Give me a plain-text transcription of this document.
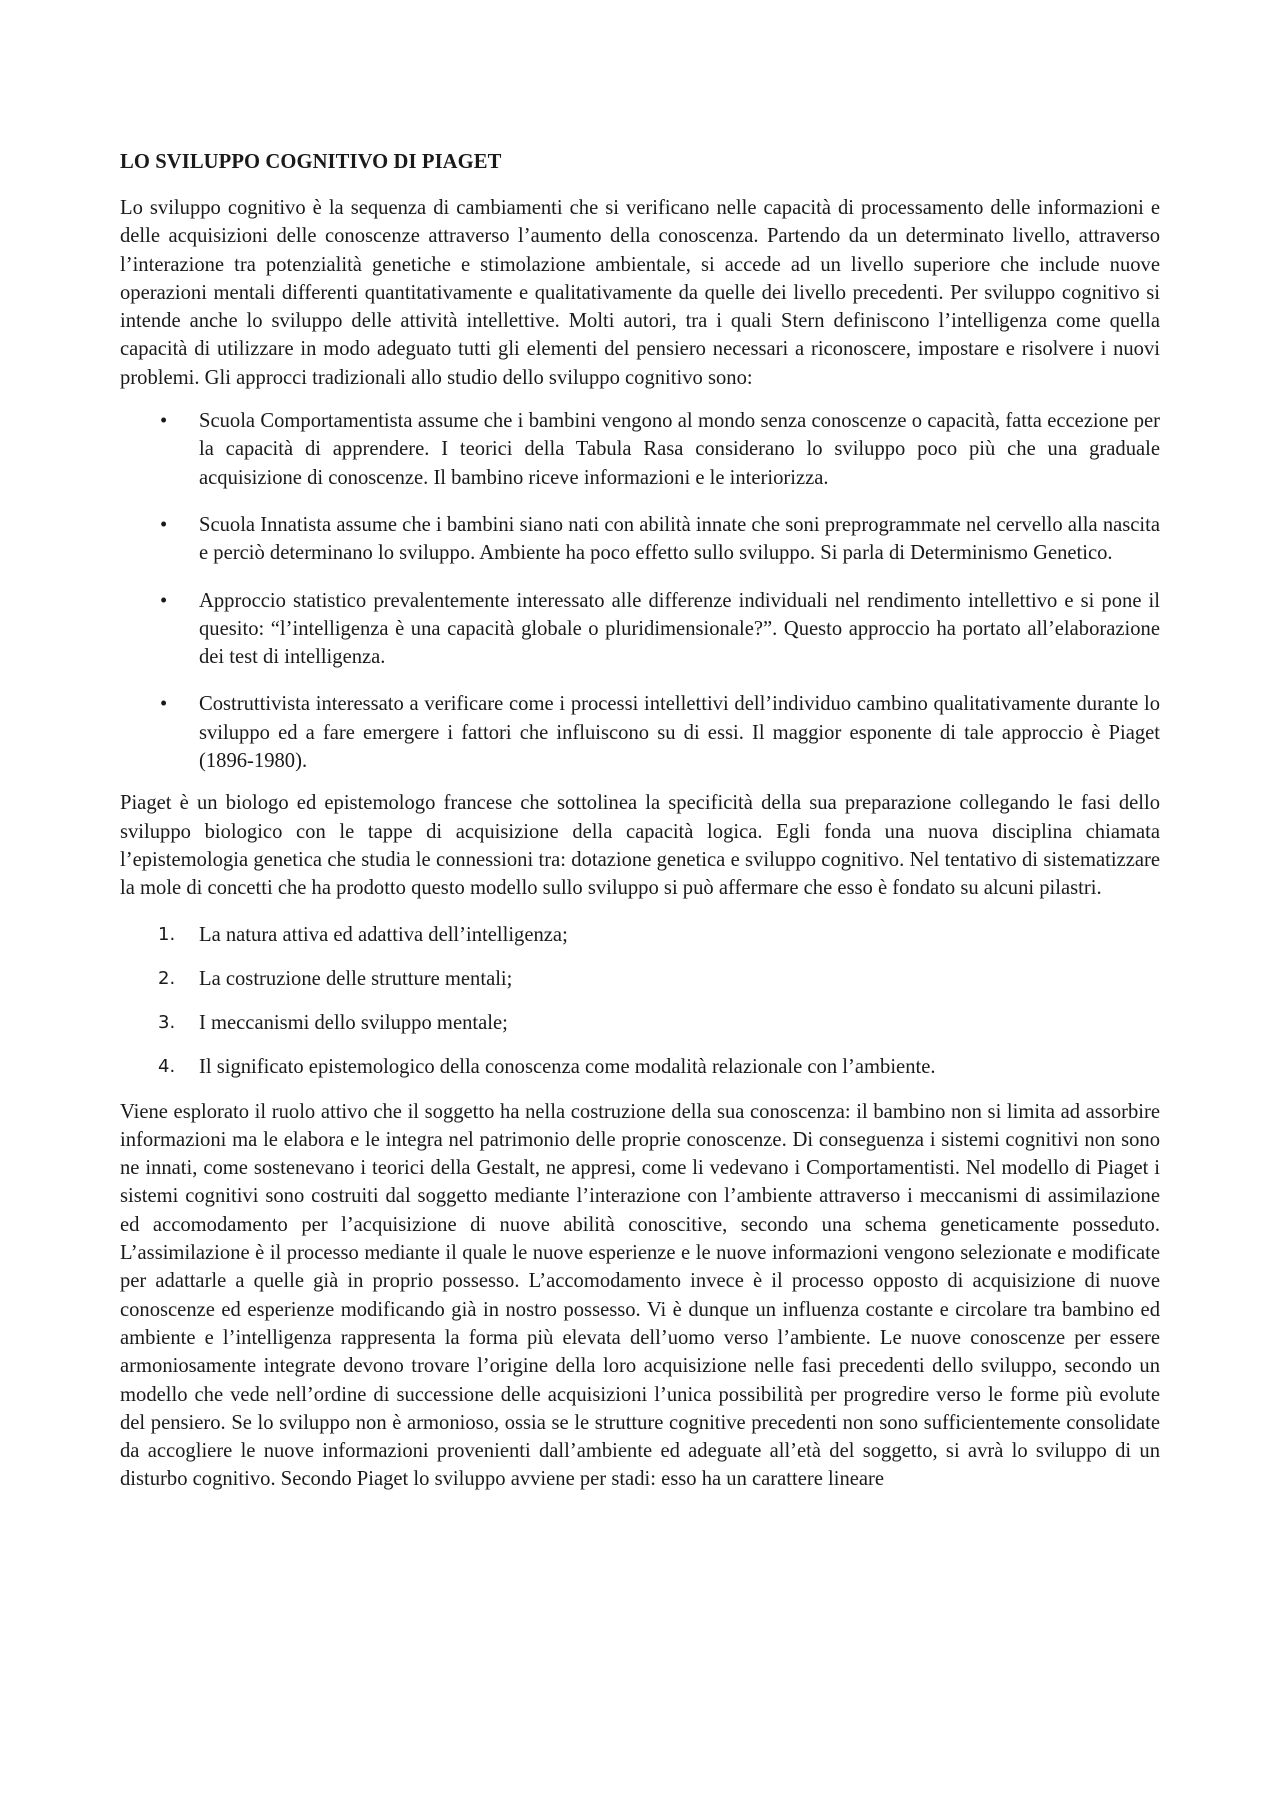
LO SVILUPPO COGNITIVO DI PIAGET

Lo sviluppo cognitivo è la sequenza di cambiamenti che si verificano nelle capacità di processamento delle informazioni e delle acquisizioni delle conoscenze attraverso l’aumento della conoscenza. Partendo da un determinato livello, attraverso l’interazione tra potenzialità genetiche e stimolazione ambientale, si accede ad un livello superiore che include nuove operazioni mentali differenti quantitativamente e qualitativamente da quelle dei livello precedenti. Per sviluppo cognitivo si intende anche lo sviluppo delle attività intellettive. Molti autori, tra i quali Stern definiscono l’intelligenza come quella capacità di utilizzare in modo adeguato tutti gli elementi del pensiero necessari a riconoscere, impostare e risolvere i nuovi problemi. Gli approcci tradizionali allo studio dello sviluppo cognitivo sono:

• Scuola Comportamentista assume che i bambini vengono al mondo senza conoscenze o capacità, fatta eccezione per la capacità di apprendere. I teorici della Tabula Rasa considerano lo sviluppo poco più che una graduale acquisizione di conoscenze. Il bambino riceve informazioni e le interiorizza.
• Scuola Innatista assume che i bambini siano nati con abilità innate che soni preprogrammate nel cervello alla nascita e perciò determinano lo sviluppo. Ambiente ha poco effetto sullo sviluppo. Si parla di Determinismo Genetico.
• Approccio statistico prevalentemente interessato alle differenze individuali nel rendimento intellettivo e si pone il quesito: “l’intelligenza è una capacità globale o pluridimensionale?”. Questo approccio ha portato all’elaborazione dei test di intelligenza.
• Costruttivista interessato a verificare come i processi intellettivi dell’individuo cambino qualitativamente durante lo sviluppo ed a fare emergere i fattori che influiscono su di essi. Il maggior esponente di tale approccio è Piaget (1896-1980).

Piaget è un biologo ed epistemologo francese che sottolinea la specificità della sua preparazione collegando le fasi dello sviluppo biologico con le tappe di acquisizione della capacità logica. Egli fonda una nuova disciplina chiamata l’epistemologia genetica che studia le connessioni tra: dotazione genetica e sviluppo cognitivo. Nel tentativo di sistematizzare la mole di concetti che ha prodotto questo modello sullo sviluppo si può affermare che esso è fondato su alcuni pilastri.

1. La natura attiva ed adattiva dell’intelligenza;
2. La costruzione delle strutture mentali;
3. I meccanismi dello sviluppo mentale;
4. Il significato epistemologico della conoscenza come modalità relazionale con l’ambiente.

Viene esplorato il ruolo attivo che il soggetto ha nella costruzione della sua conoscenza: il bambino non si limita ad assorbire informazioni ma le elabora e le integra nel patrimonio delle proprie conoscenze. Di conseguenza i sistemi cognitivi non sono ne innati, come sostenevano i teorici della Gestalt, ne appresi, come li vedevano i Comportamentisti. Nel modello di Piaget i sistemi cognitivi sono costruiti dal soggetto mediante l’interazione con l’ambiente attraverso i meccanismi di assimilazione ed accomodamento per l’acquisizione di nuove abilità conoscitive, secondo una schema geneticamente posseduto. L’assimilazione è il processo mediante il quale le nuove esperienze e le nuove informazioni vengono selezionate e modificate per adattarle a quelle già in proprio possesso. L’accomodamento invece è il processo opposto di acquisizione di nuove conoscenze ed esperienze modificando già in nostro possesso. Vi è dunque un influenza costante e circolare tra bambino ed ambiente e l’intelligenza rappresenta la forma più elevata dell’uomo verso l’ambiente. Le nuove conoscenze per essere armoniosamente integrate devono trovare l’origine della loro acquisizione nelle fasi precedenti dello sviluppo, secondo un modello che vede nell’ordine di successione delle acquisizioni l’unica possibilità per progredire verso le forme più evolute del pensiero. Se lo sviluppo non è armonioso, ossia se le strutture cognitive precedenti non sono sufficientemente consolidate da accogliere le nuove informazioni provenienti dall’ambiente ed adeguate all’età del soggetto, si avrà lo sviluppo di un disturbo cognitivo. Secondo Piaget lo sviluppo avviene per stadi: esso ha un carattere lineare
